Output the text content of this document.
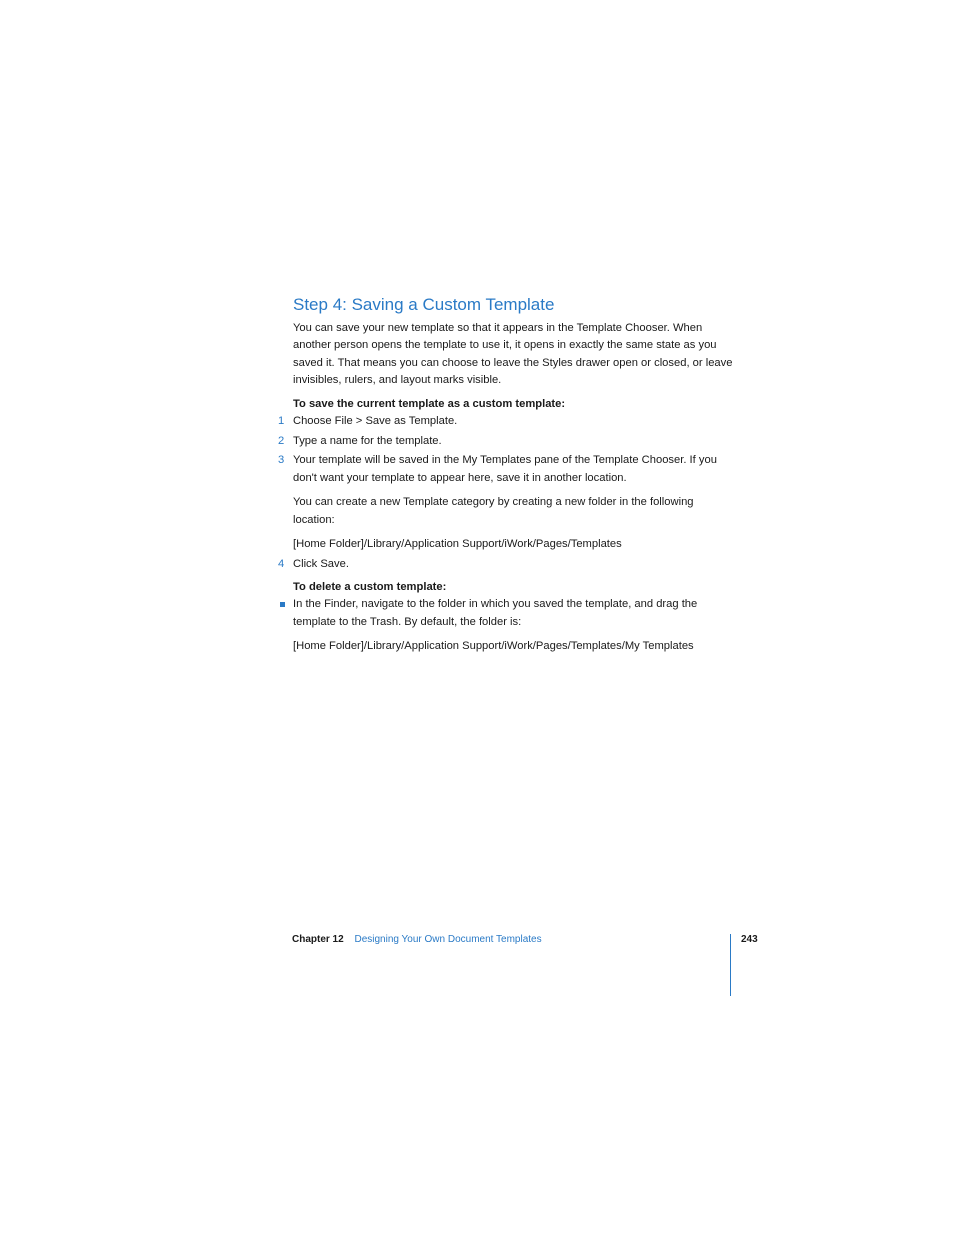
Step 4: Saving a Custom Template

You can save your new template so that it appears in the Template Chooser. When another person opens the template to use it, it opens in exactly the same state as you saved it. That means you can choose to leave the Styles drawer open or closed, or leave invisibles, rulers, and layout marks visible.

To save the current template as a custom template:

1 Choose File > Save as Template.
2 Type a name for the template.
3 Your template will be saved in the My Templates pane of the Template Chooser. If you don't want your template to appear here, save it in another location.

You can create a new Template category by creating a new folder in the following location:

[Home Folder]/Library/Application Support/iWork/Pages/Templates

4 Click Save.

To delete a custom template:

In the Finder, navigate to the folder in which you saved the template, and drag the template to the Trash. By default, the folder is:

[Home Folder]/Library/Application Support/iWork/Pages/Templates/My Templates

Chapter 12 Designing Your Own Document Templates	243
